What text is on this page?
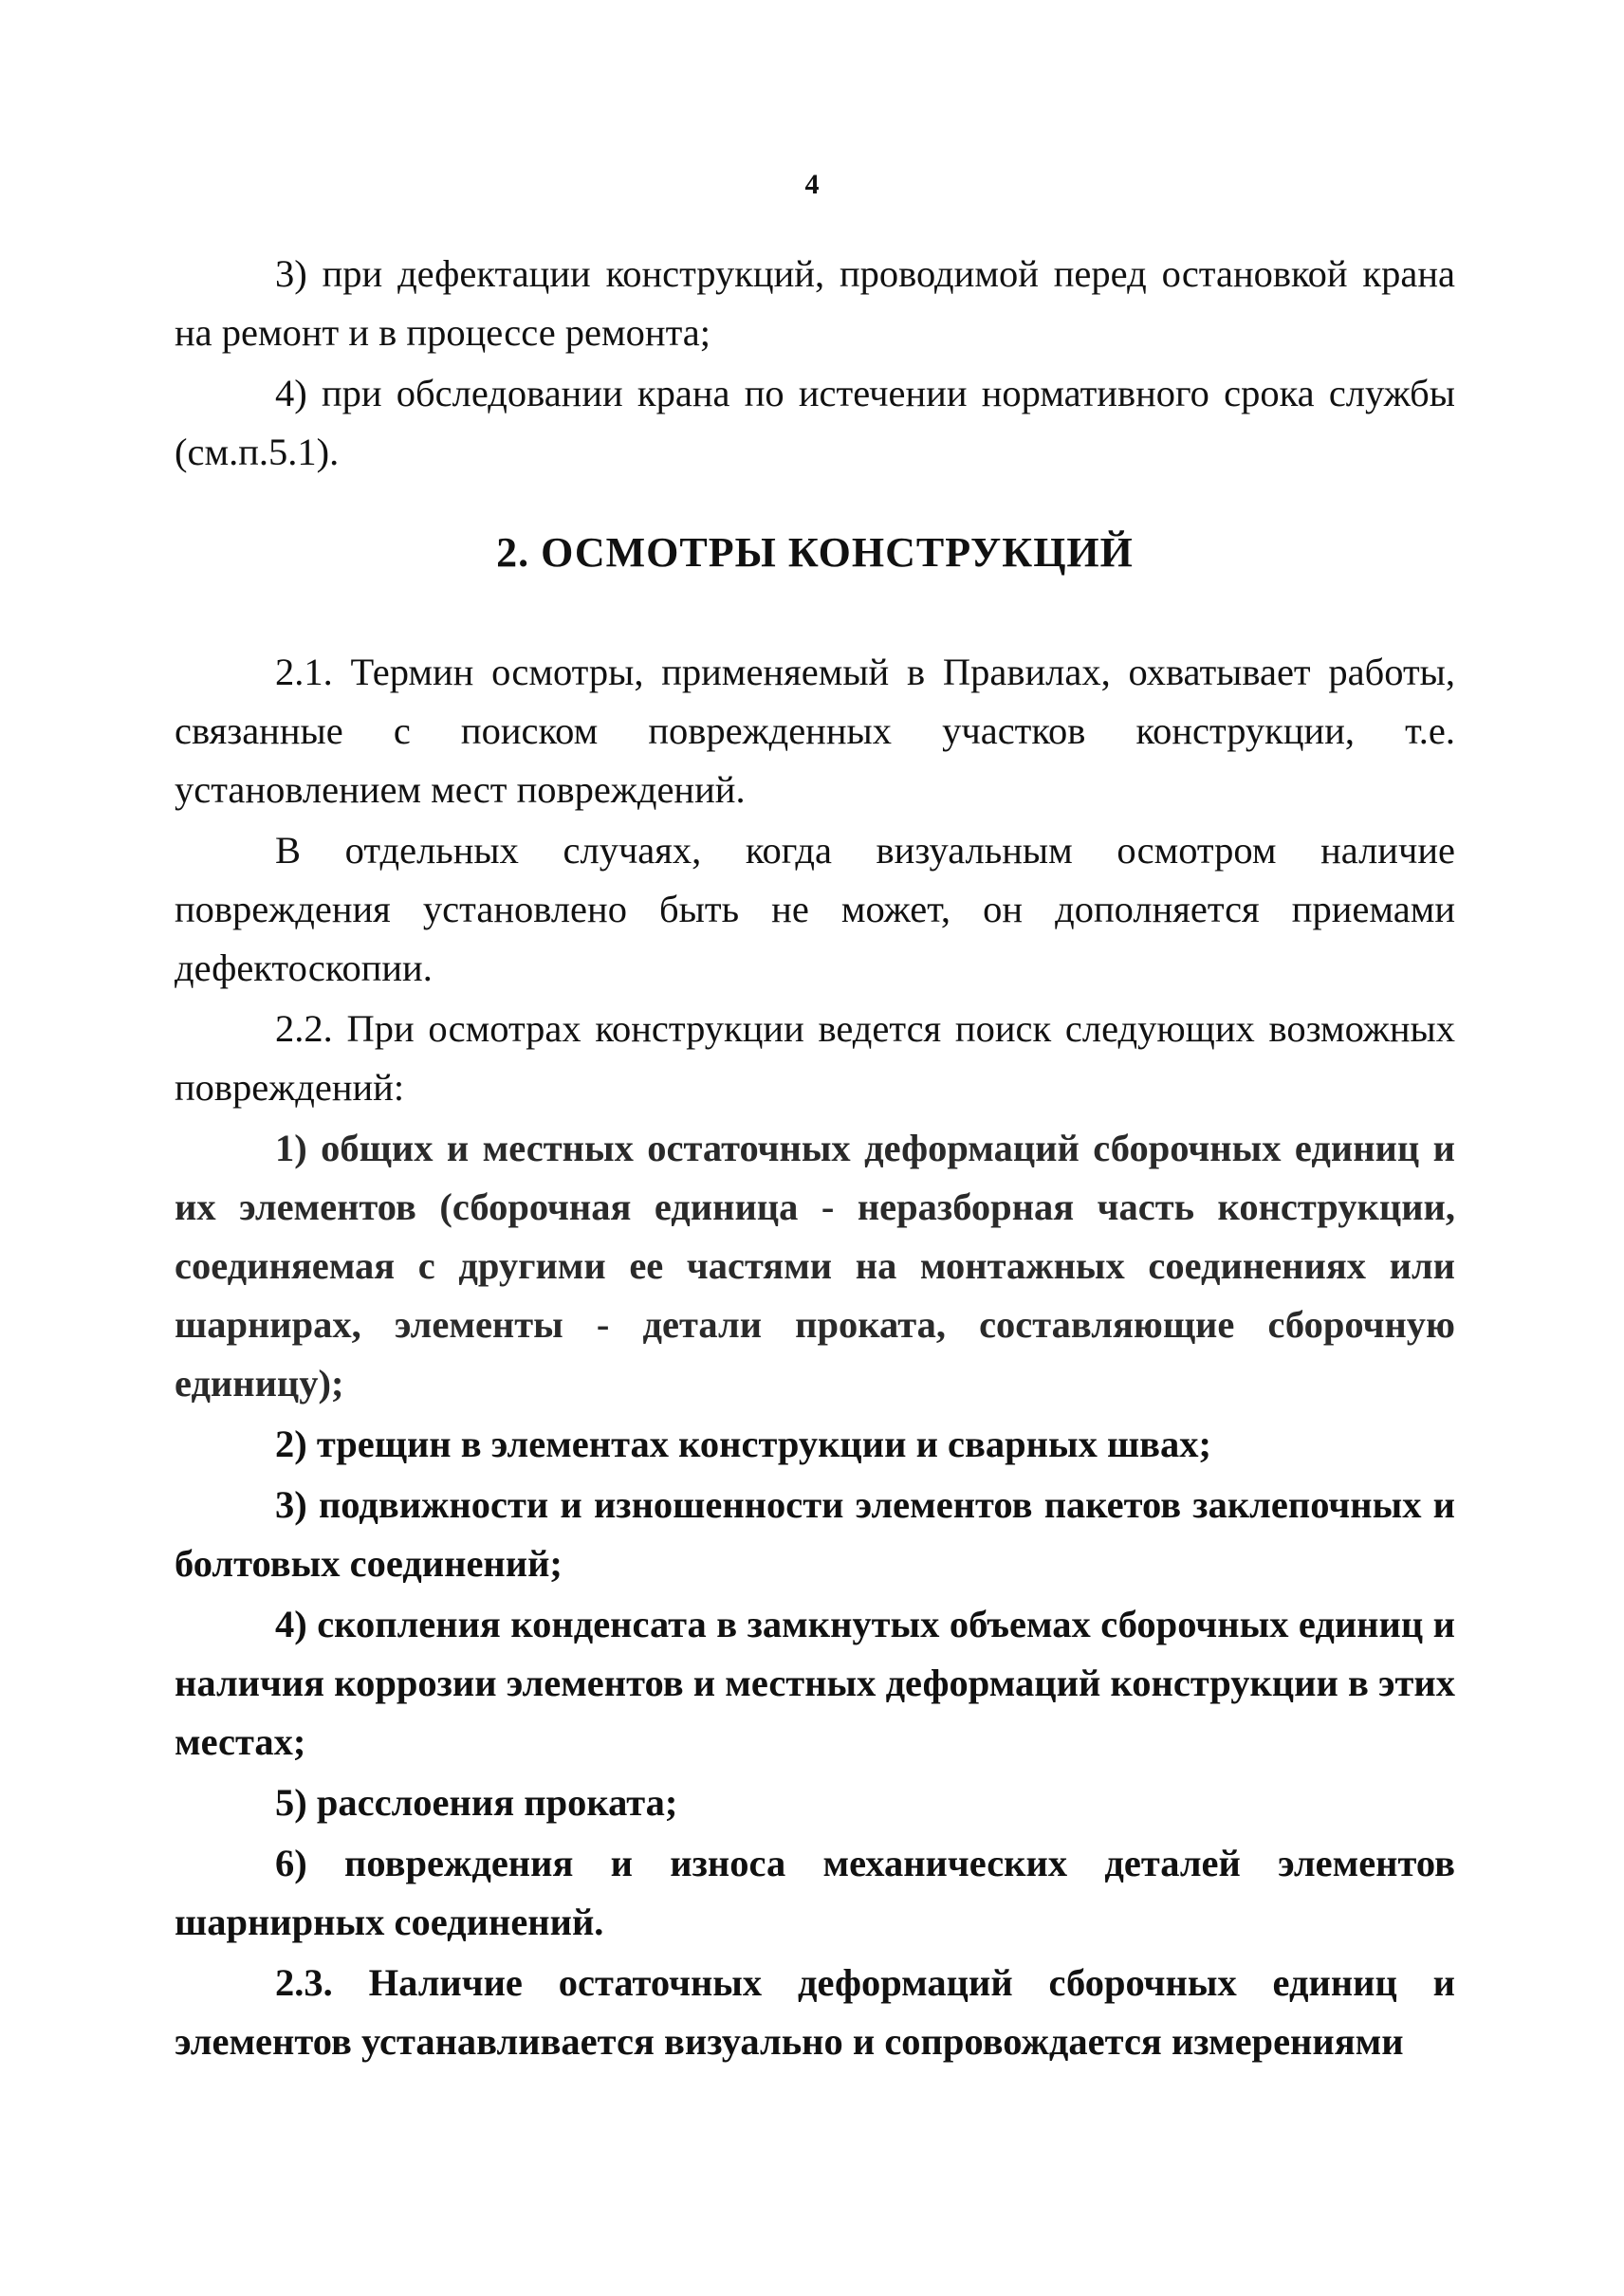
4

3) при дефектации конструкций, проводимой перед остановкой крана на ремонт и в процессе ремонта;

4) при обследовании крана по истечении нормативного срока службы (см.п.5.1).

2. ОСМОТРЫ КОНСТРУКЦИЙ

2.1. Термин осмотры, применяемый в Правилах, охватывает работы, связанные с поиском поврежденных участков конструкции, т.е. установлением мест повреждений.

В отдельных случаях, когда визуальным осмотром наличие повреждения установлено быть не может, он дополняется приемами дефектоскопии.

2.2. При осмотрах конструкции ведется поиск следующих возможных повреждений:

1) общих и местных остаточных деформаций сборочных единиц и их элементов (сборочная единица - неразборная часть конструкции, соединяемая с другими ее частями на монтажных соединениях или шарнирах, элементы - детали проката, составляющие сборочную единицу);

2) трещин в элементах конструкции и сварных швах;

3) подвижности и изношенности элементов пакетов заклепочных и болтовых соединений;

4) скопления конденсата в замкнутых объемах сборочных единиц и наличия коррозии элементов и местных деформаций конструкции в этих местах;

5) расслоения проката;

6) повреждения и износа механических деталей элементов шарнирных соединений.

2.3. Наличие остаточных деформаций сборочных единиц и элементов устанавливается визуально и сопровождается измерениями
